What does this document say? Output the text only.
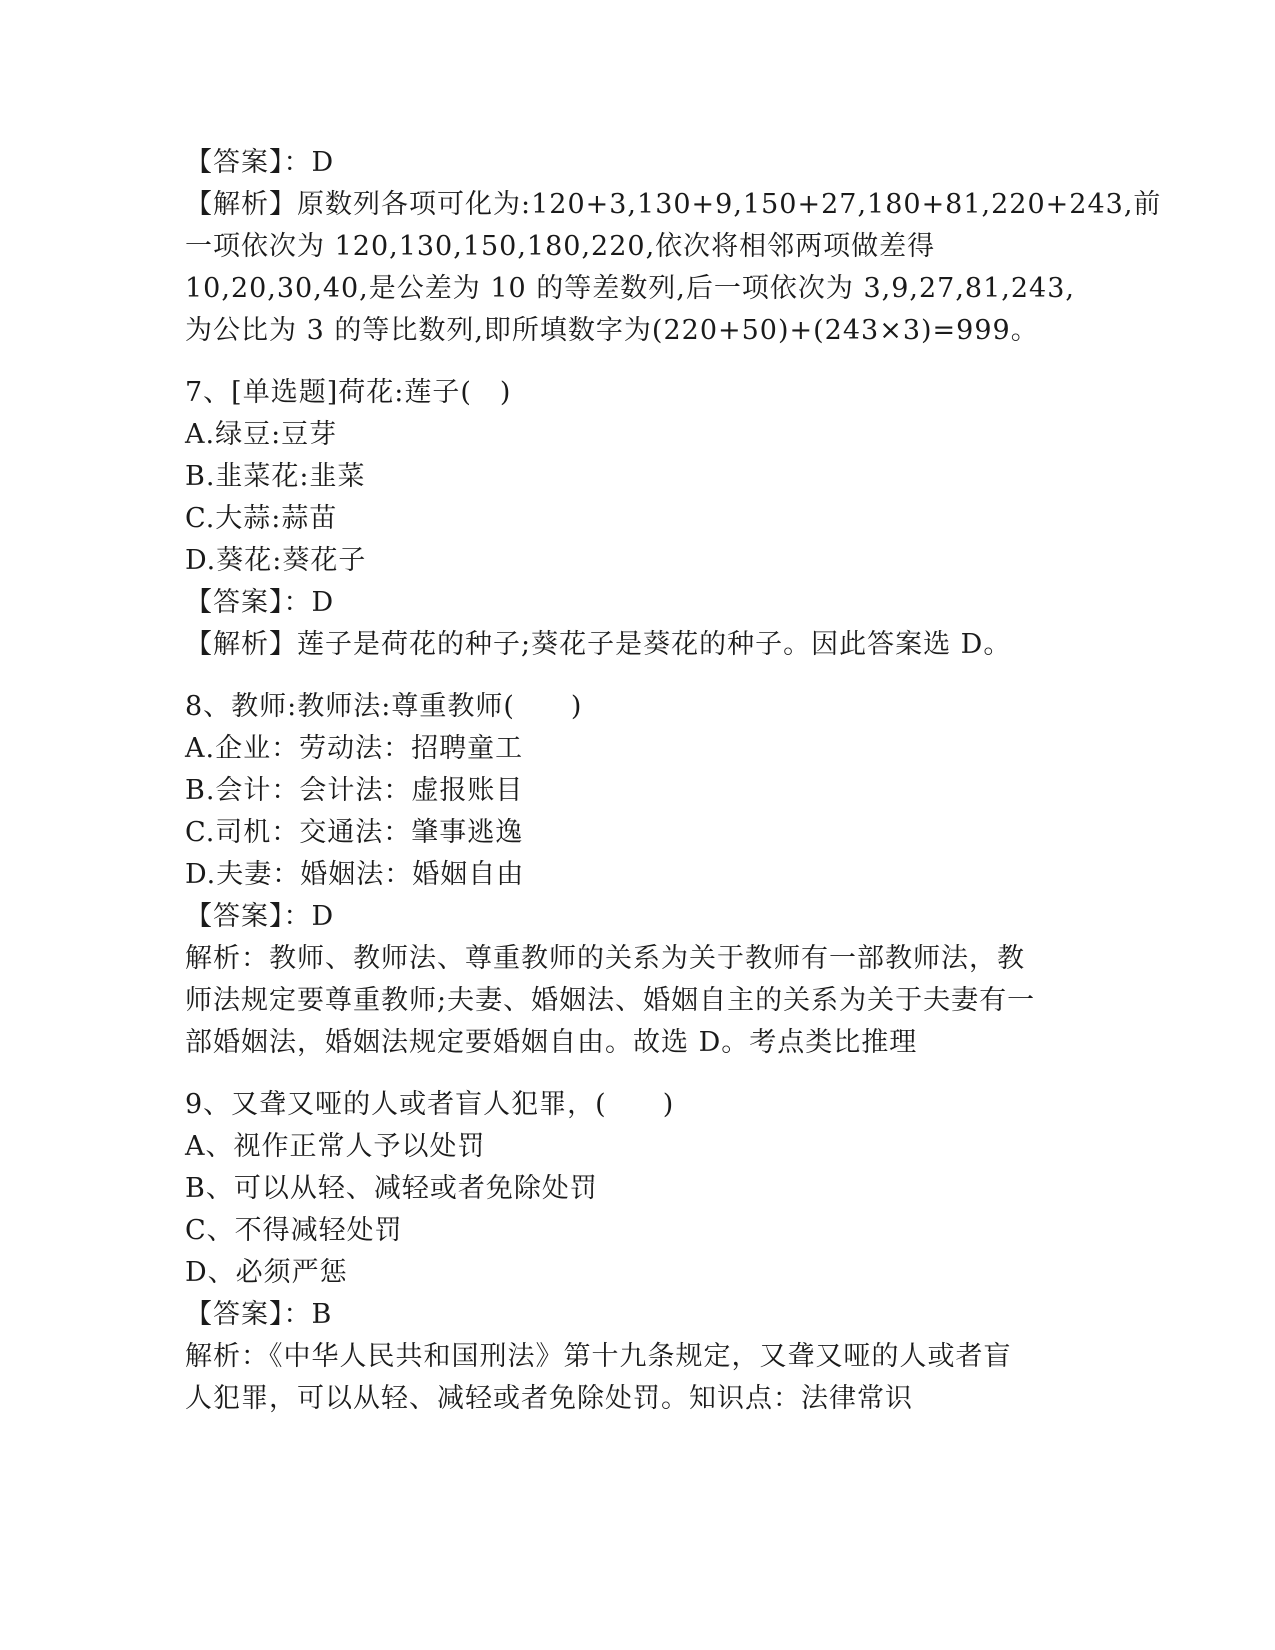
【答案】：D
【解析】原数列各项可化为:120+3,130+9,150+27,180+81,220+243,前
一项依次为 120,130,150,180,220,依次将相邻两项做差得
10,20,30,40,是公差为 10 的等差数列,后一项依次为 3,9,27,81,243,
为公比为 3 的等比数列,即所填数字为(220+50)+(243×3)=999。
7、[单选题]荷花:莲子(　)
A.绿豆:豆芽
B.韭菜花:韭菜
C.大蒜:蒜苗
D.葵花:葵花子
【答案】：D
【解析】莲子是荷花的种子;葵花子是葵花的种子。因此答案选 D。
8、教师:教师法:尊重教师(　　)
A.企业：劳动法：招聘童工
B.会计：会计法：虚报账目
C.司机：交通法：肇事逃逸
D.夫妻：婚姻法：婚姻自由
【答案】：D
解析：教师、教师法、尊重教师的关系为关于教师有一部教师法，教
师法规定要尊重教师;夫妻、婚姻法、婚姻自主的关系为关于夫妻有一
部婚姻法，婚姻法规定要婚姻自由。故选 D。考点类比推理
9、又聋又哑的人或者盲人犯罪，(　　)
A、视作正常人予以处罚
B、可以从轻、减轻或者免除处罚
C、不得减轻处罚
D、必须严惩
【答案】：B
解析：《中华人民共和国刑法》第十九条规定，又聋又哑的人或者盲
人犯罪，可以从轻、减轻或者免除处罚。知识点：法律常识
